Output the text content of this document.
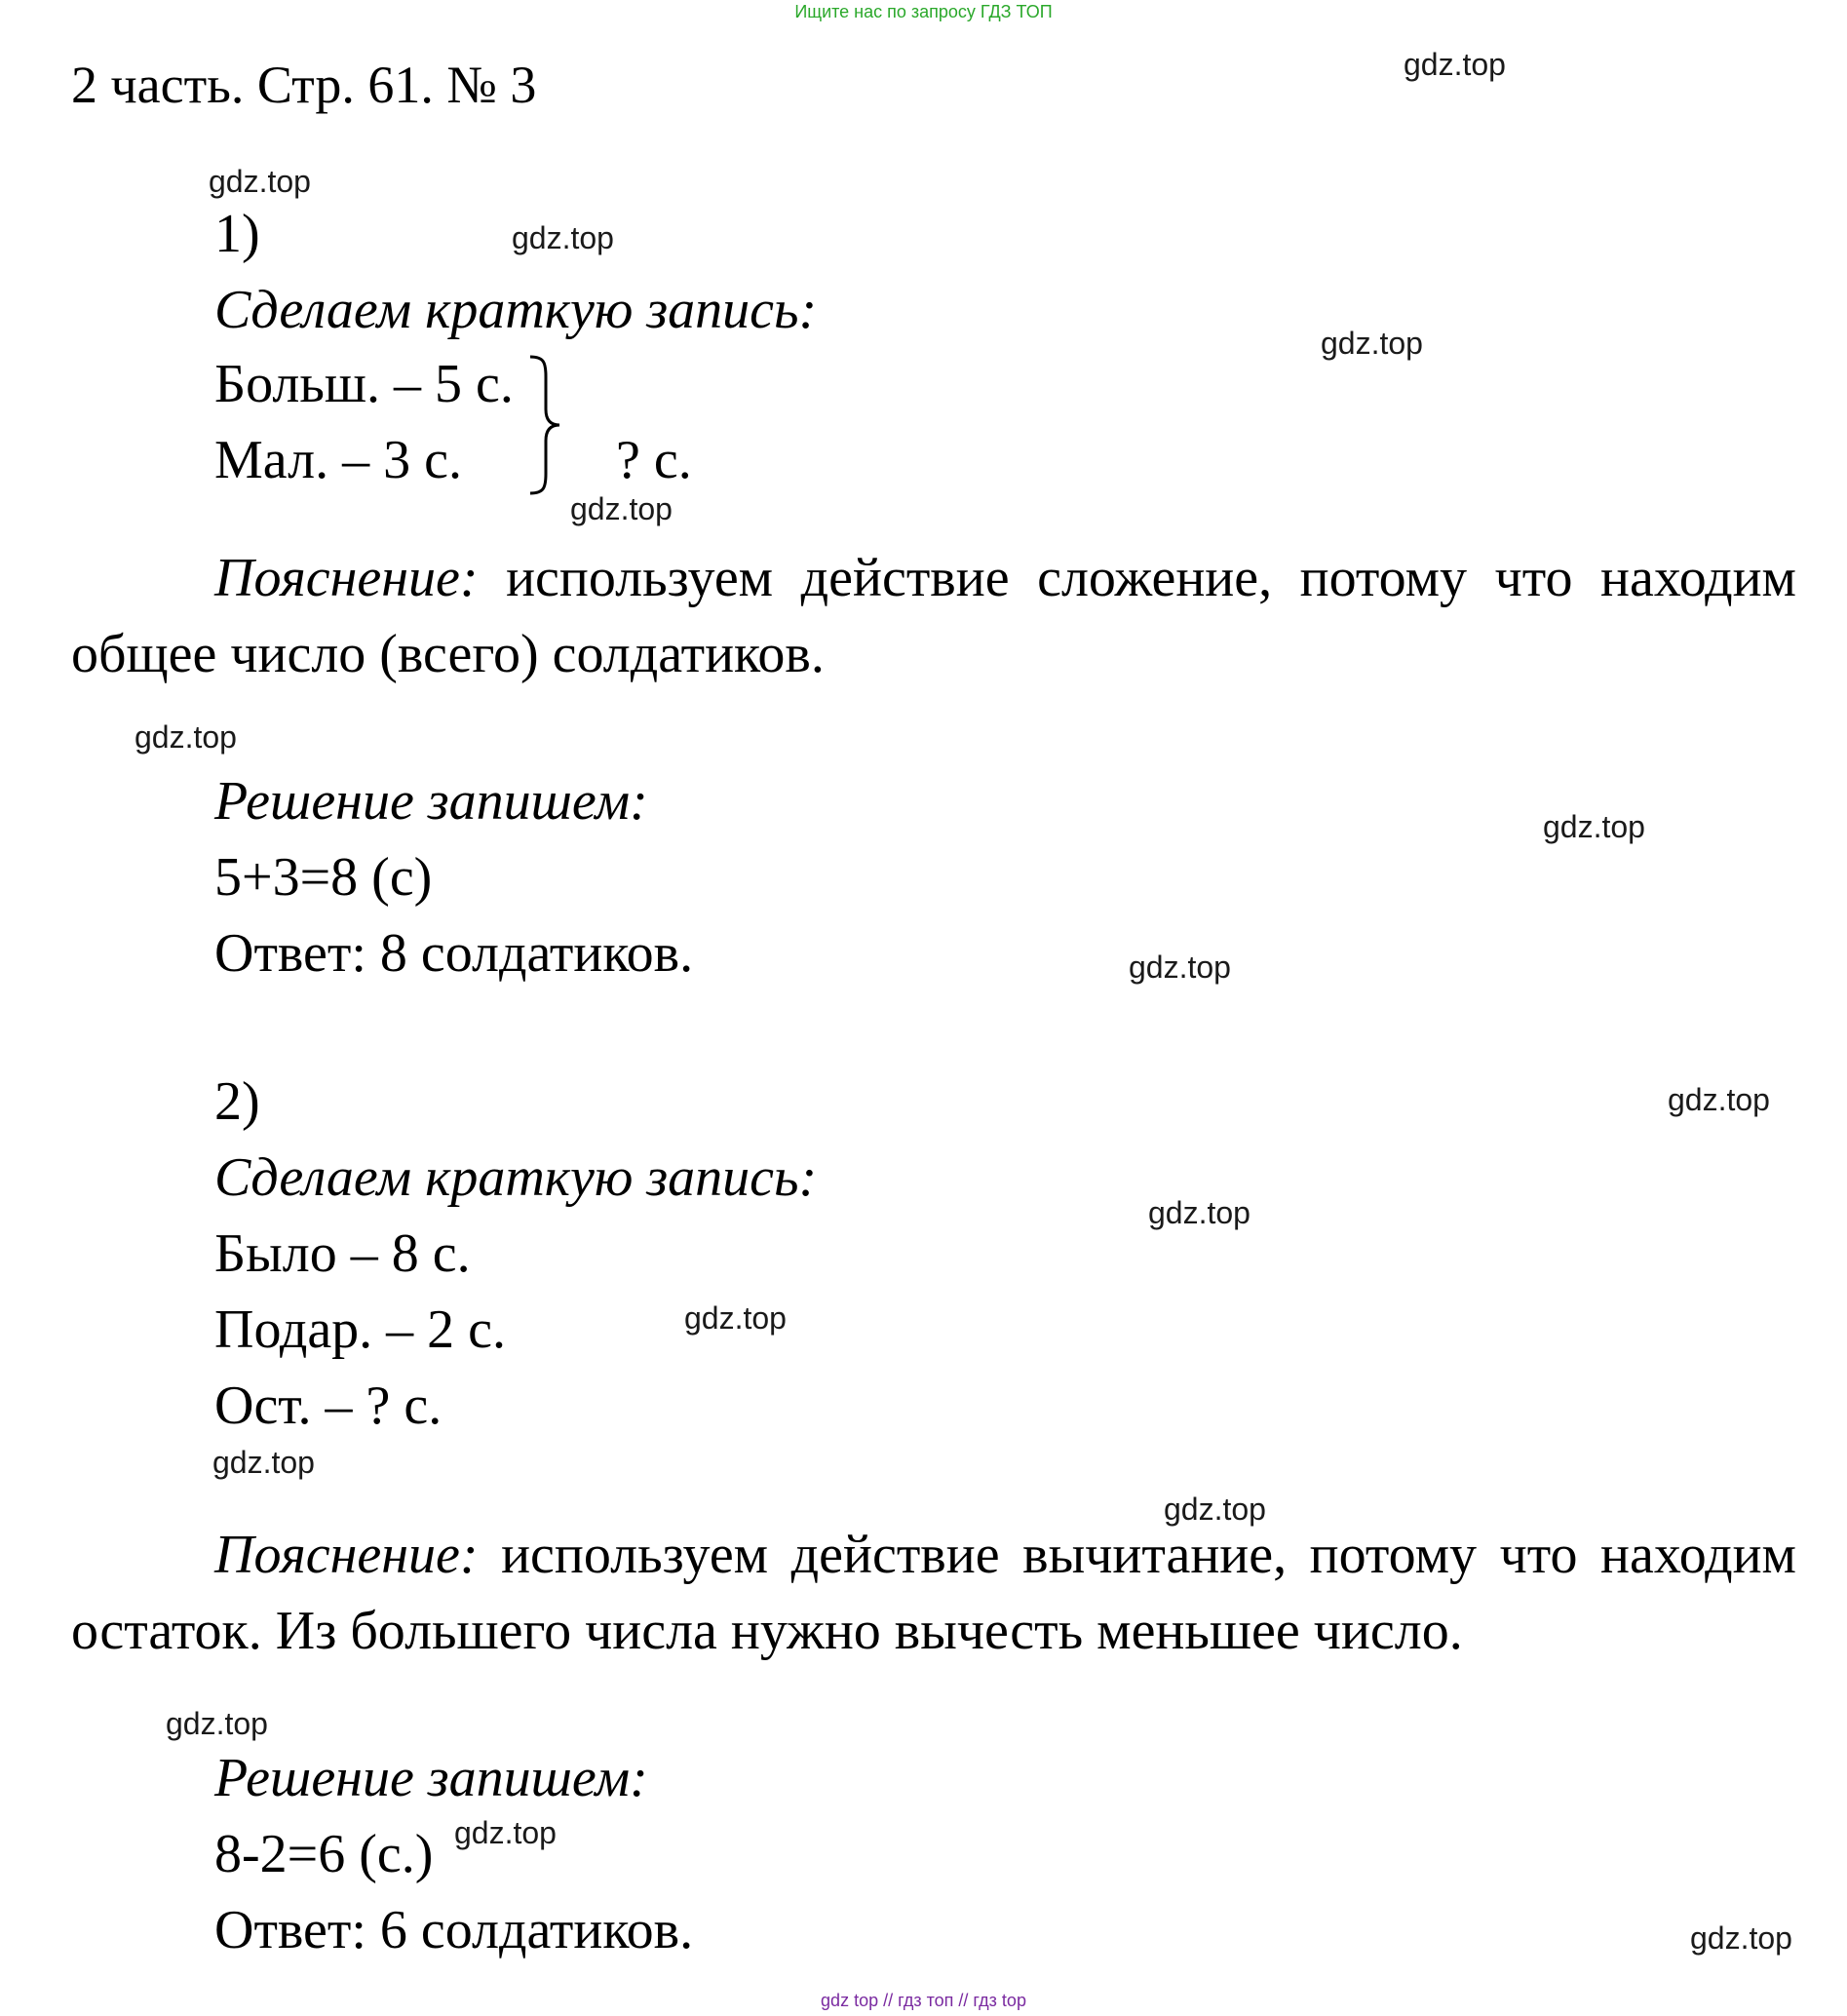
Ищите нас по запросу ГДЗ ТОП
gdz top // гдз топ // гдз top
2 часть. Стр. 61. № 3
1)
Сделаем краткую запись:
Больш. – 5 с.
Мал. – 3 с.	? с.
Пояснение: используем действие сложение, потому что находим общее число (всего) солдатиков.
Решение запишем:
5+3=8 (с)
Ответ: 8 солдатиков.
2)
Сделаем краткую запись:
Было – 8 с.
Подар. – 2 с.
Ост. – ? с.
Пояснение: используем действие вычитание, потому что находим остаток. Из большего числа нужно вычесть меньшее число.
Решение запишем:
8-2=6 (с.)
Ответ: 6 солдатиков.
gdz.top
gdz.top
gdz.top
gdz.top
gdz.top
gdz.top
gdz.top
gdz.top
gdz.top
gdz.top
gdz.top
gdz.top
gdz.top
gdz.top
gdz.top
gdz.top
